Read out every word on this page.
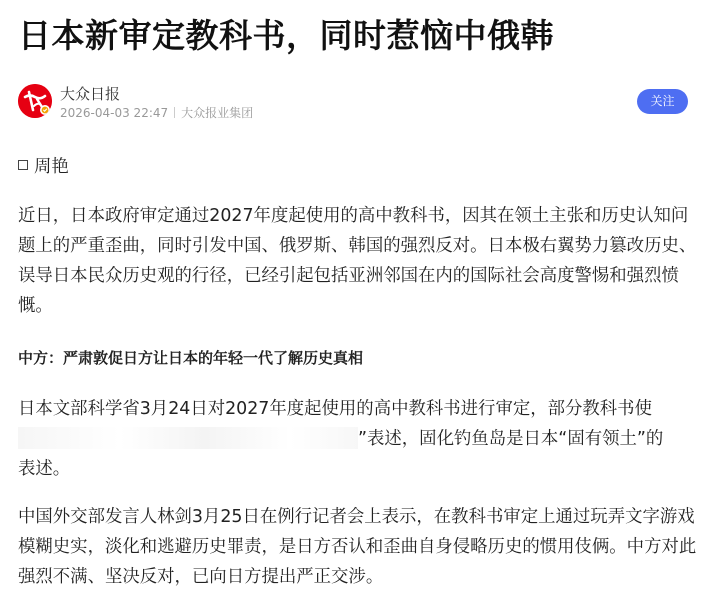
日本新审定教科书，同时惹恼中俄韩
大众日报
2026-04-03 22:47 大众报业集团
关注

周艳

近日，日本政府审定通过2027年度起使用的高中教科书，因其在领土主张和历史认知问题上的严重歪曲，同时引发中国、俄罗斯、韩国的强烈反对。日本极右翼势力篡改历史、误导日本民众历史观的行径，已经引起包括亚洲邻国在内的国际社会高度警惕和强烈愤慨。

中方：严肃敦促日方让日本的年轻一代了解历史真相

日本文部科学省3月24日对2027年度起使用的高中教科书进行审定，部分教科书使
”表述，固化钓鱼岛是日本“固有领土”的
表述。

中国外交部发言人林剑3月25日在例行记者会上表示，在教科书审定上通过玩弄文字游戏模糊史实，淡化和逃避历史罪责，是日方否认和歪曲自身侵略历史的惯用伎俩。中方对此强烈不满、坚决反对，已向日方提出严正交涉。
